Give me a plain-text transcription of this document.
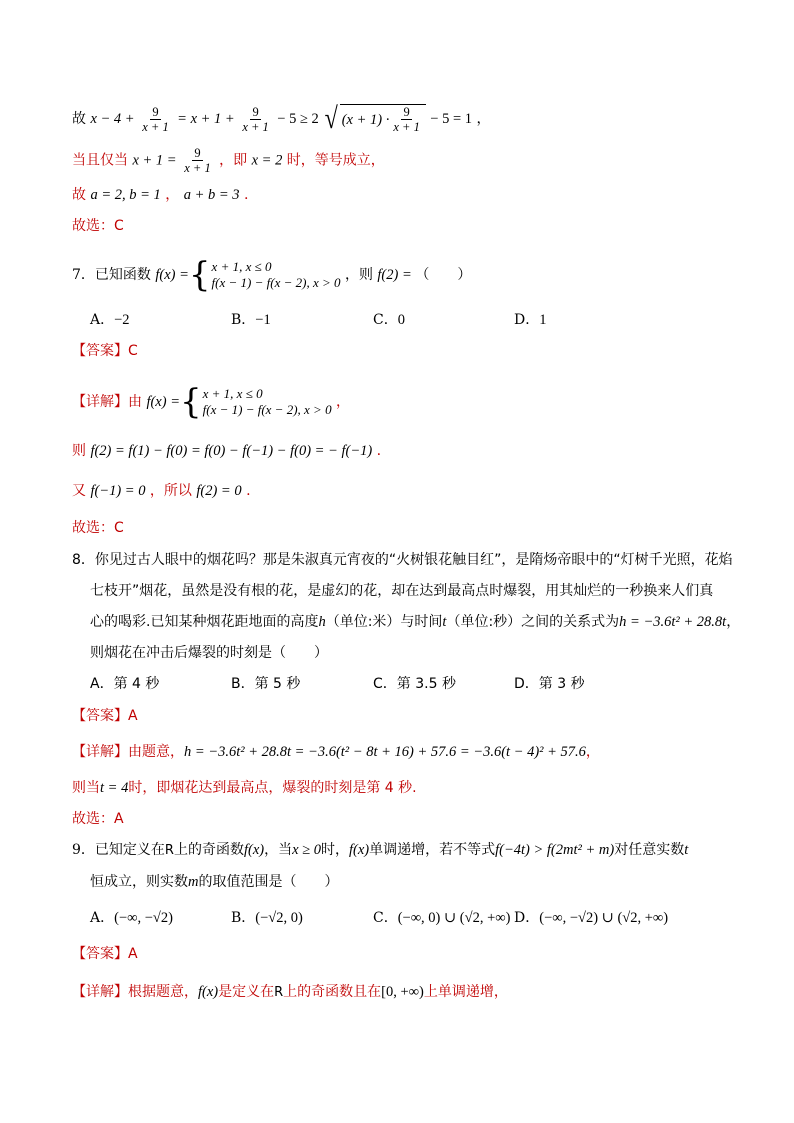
故 $x - 4 + \frac{9}{x + 1} = x + 1 + \frac{9}{x + 1} - 5 \ge 2$ √ $(x + 1) \cdot \frac{9}{x + 1} - 5 = 1$ ，
当且仅当 $x + 1 = \frac{9}{x + 1}$ ，即 x = 2 时，等号成立，
故 a = 2, b = 1 ， a + b = 3 .
故选：C
7．已知函数 f(x) = { x + 1, x ≤ 0
f(x − 1) − f(x − 2), x > 0 ，则 f(2) = （　　）
A．−2	B．−1	C．0	D．1
【答案】C
【详解】由 f(x) = { x + 1, x ≤ 0
f(x − 1) − f(x − 2), x > 0 ，
则 f(2) = f(1) − f(0) = f(0) − f(−1) − f(0) = − f(−1) .
又 f(−1) = 0 ，所以 f(2) = 0 .
故选：C
8．你见过古人眼中的烟花吗？那是朱淑真元宵夜的“火树银花触目红”，是隋炀帝眼中的“灯树千光照，花焰
七枝开”烟花，虽然是没有根的花，是虚幻的花，却在达到最高点时爆裂，用其灿烂的一秒换来人们真
心的喝彩.已知某种烟花距地面的高度h（单位:米）与时间t（单位:秒）之间的关系式为h = −3.6t² + 28.8t，
则烟花在冲击后爆裂的时刻是（　　）
A．第 4 秒	B．第 5 秒	C．第 3.5 秒	D．第 3 秒
【答案】A
【详解】由题意，h = −3.6t² + 28.8t = −3.6(t² − 8t + 16) + 57.6 = −3.6(t − 4)² + 57.6，
则当t = 4时，即烟花达到最高点，爆裂的时刻是第 4 秒.
故选：A
9．已知定义在R上的奇函数f(x)，当x ≥ 0时，f(x)单调递增，若不等式f(−4t) > f(2mt² + m)对任意实数t
恒成立，则实数m的取值范围是（　　）
A．(−∞, −√2)	B．(−√2, 0)	C．(−∞, 0) ∪ (√2, +∞) D．(−∞, −√2) ∪ (√2, +∞)
【答案】A
【详解】根据题意，f(x)是定义在R上的奇函数且在[0, +∞)上单调递增，
